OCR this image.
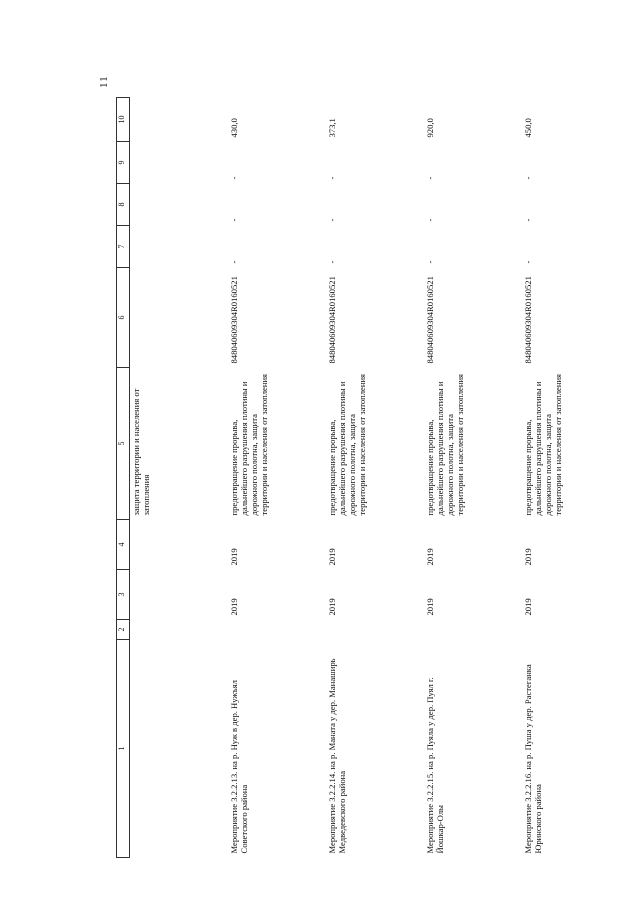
11
1	2	3	4	5	6	7	8	9	10
				защита территории и населения от затопления					
Мероприятие 3.2.2.13. на р. Нуж в дер. Нужъял Советского района		2019	2019	предотвращение прорыва, дальнейшего разрушения плотины и дорожного полотна, защита территории и населения от затопления	848040609304R0160521	-	-	-	430,0
Мероприятие 3.2.2.14. на р. Маната у дер. Манаширь Медведевского района		2019	2019	предотвращение прорыва, дальнейшего разрушения плотины и дорожного полотна, защита территории и населения от затопления	848040609304R0160521	-	-	-	373,1
Мероприятие 3.2.2.15. на р. Пуяла у дер. Пуял г. Йошкар-Олы		2019	2019	предотвращение прорыва, дальнейшего разрушения плотины и дорожного полотна, защита территории и населения от затопления	848040609304R0160521	-	-	-	920,0
Мероприятие 3.2.2.16. на р. Пуша у дер. Растеганка Юринского района		2019	2019	предотвращение прорыва, дальнейшего разрушения плотины и дорожного полотна, защита территории и населения от затопления	848040609304R0160521	-	-	-	450,0
